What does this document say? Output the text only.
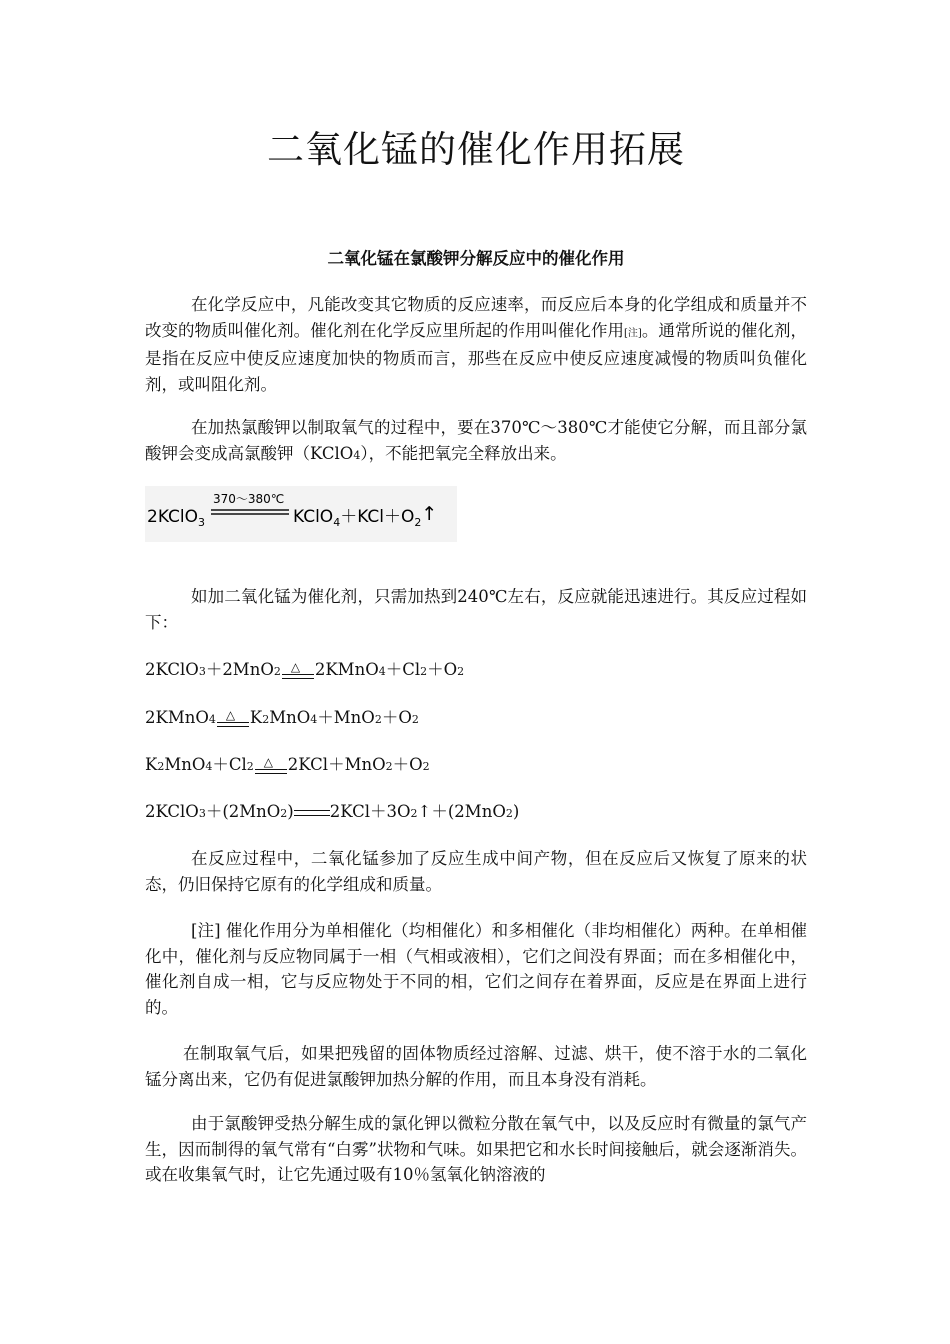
二氧化锰的催化作用拓展
二氧化锰在氯酸钾分解反应中的催化作用

在化学反应中，凡能改变其它物质的反应速率，而反应后本身的化学组成和质量并不改变的物质叫催化剂。催化剂在化学反应里所起的作用叫催化作用[注]。通常所说的催化剂，是指在反应中使反应速度加快的物质而言，那些在反应中使反应速度减慢的物质叫负催化剂，或叫阻化剂。

在加热氯酸钾以制取氧气的过程中，要在370℃～380℃才能使它分解，而且部分氯酸钾会变成高氯酸钾（KClO4），不能把氧完全释放出来。

370～380℃
2KClO$_3$	$KClO_4+KCl+O_2↑$

如加二氧化锰为催化剂，只需加热到240℃左右，反应就能迅速进行。其反应过程如下：

2KClO3＋2MnO2 △ 2KMnO4＋Cl2＋O2
2KMnO4 △ K2MnO4＋MnO2＋O2
K2MnO4＋Cl2 △ 2KCl＋MnO2＋O2
2KClO3＋(2MnO2) 2KCl＋3O2↑＋(2MnO2)

在反应过程中，二氧化锰参加了反应生成中间产物，但在反应后又恢复了原来的状态，仍旧保持它原有的化学组成和质量。

[注] 催化作用分为单相催化（均相催化）和多相催化（非均相催化）两种。在单相催化中，催化剂与反应物同属于一相（气相或液相），它们之间没有界面；而在多相催化中，催化剂自成一相，它与反应物处于不同的相，它们之间存在着界面，反应是在界面上进行的。

在制取氧气后，如果把残留的固体物质经过溶解、过滤、烘干，使不溶于水的二氧化锰分离出来，它仍有促进氯酸钾加热分解的作用，而且本身没有消耗。

由于氯酸钾受热分解生成的氯化钾以微粒分散在氧气中，以及反应时有微量的氯气产生，因而制得的氧气常有“白雾”状物和气味。如果把它和水长时间接触后，就会逐渐消失。或在收集氧气时，让它先通过吸有10％氢氧化钠溶液的
